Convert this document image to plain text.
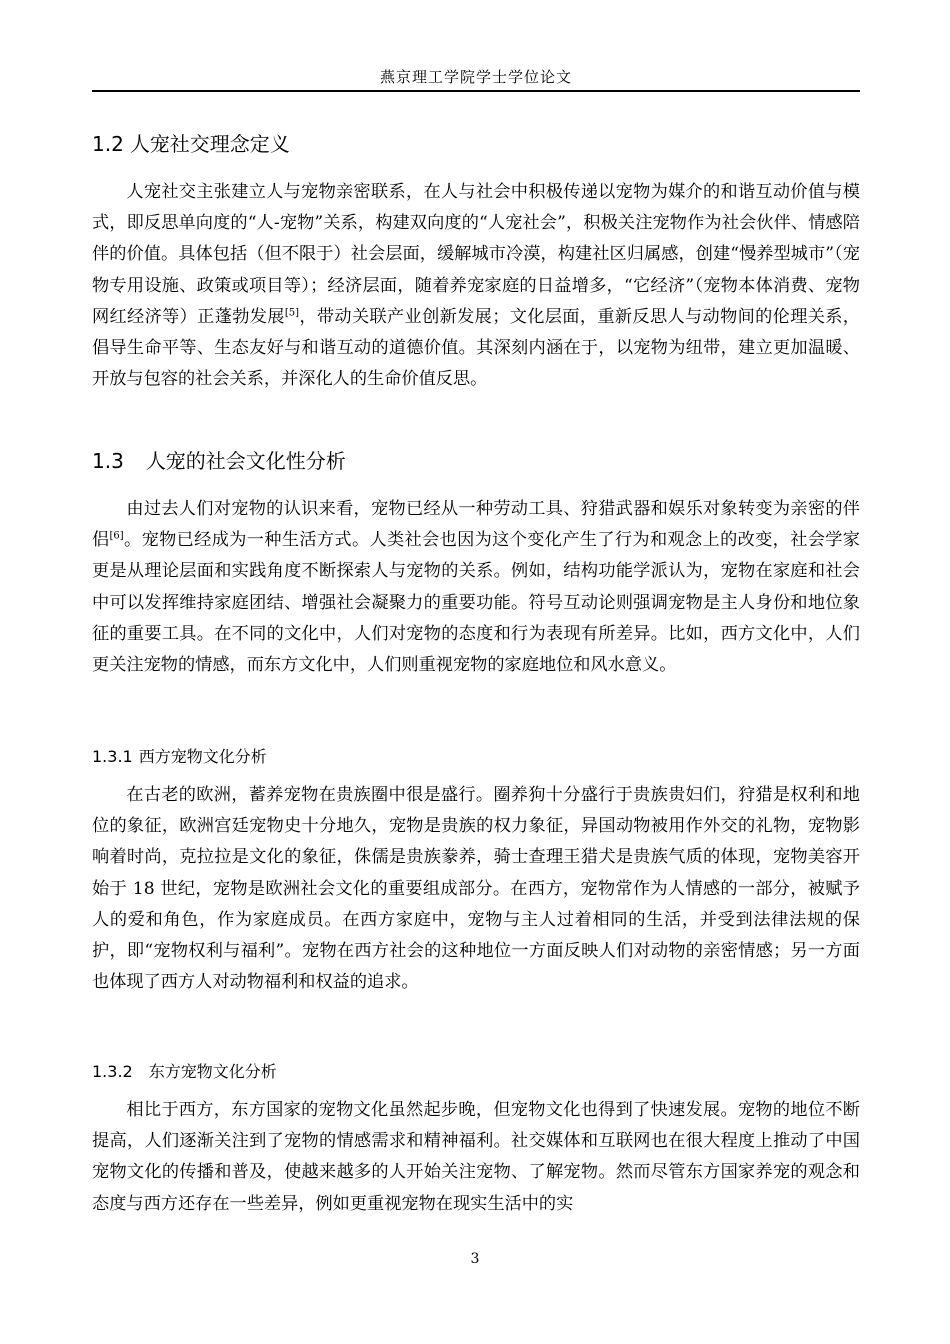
燕京理工学院学士学位论文
1.2 人宠社交理念定义

人宠社交主张建立人与宠物亲密联系，在人与社会中积极传递以宠物为媒介的和谐互动价值与模式，即反思单向度的“人-宠物”关系，构建双向度的“人宠社会”，积极关注宠物作为社会伙伴、情感陪伴的价值。具体包括（但不限于）社会层面，缓解城市冷漠，构建社区归属感，创建“慢养型城市”（宠物专用设施、政策或项目等）；经济层面，随着养宠家庭的日益增多，“它经济”（宠物本体消费、宠物网红经济等）正蓬勃发展[5]，带动关联产业创新发展；文化层面，重新反思人与动物间的伦理关系，倡导生命平等、生态友好与和谐互动的道德价值。其深刻内涵在于，以宠物为纽带，建立更加温暖、开放与包容的社会关系，并深化人的生命价值反思。

1.3 人宠的社会文化性分析

由过去人们对宠物的认识来看，宠物已经从一种劳动工具、狩猎武器和娱乐对象转变为亲密的伴侣[6]。宠物已经成为一种生活方式。人类社会也因为这个变化产生了行为和观念上的改变，社会学家更是从理论层面和实践角度不断探索人与宠物的关系。例如，结构功能学派认为，宠物在家庭和社会中可以发挥维持家庭团结、增强社会凝聚力的重要功能。符号互动论则强调宠物是主人身份和地位象征的重要工具。在不同的文化中，人们对宠物的态度和行为表现有所差异。比如，西方文化中，人们更关注宠物的情感，而东方文化中，人们则重视宠物的家庭地位和风水意义。

1.3.1 西方宠物文化分析

在古老的欧洲，蓄养宠物在贵族圈中很是盛行。圈养狗十分盛行于贵族贵妇们，狩猎是权利和地位的象征，欧洲宫廷宠物史十分地久，宠物是贵族的权力象征，异国动物被用作外交的礼物，宠物影响着时尚，克拉拉是文化的象征，侏儒是贵族豢养，骑士查理王猎犬是贵族气质的体现，宠物美容开始于 18 世纪，宠物是欧洲社会文化的重要组成部分。在西方，宠物常作为人情感的一部分，被赋予人的爱和角色，作为家庭成员。在西方家庭中，宠物与主人过着相同的生活，并受到法律法规的保护，即“宠物权利与福利”。宠物在西方社会的这种地位一方面反映人们对动物的亲密情感；另一方面也体现了西方人对动物福利和权益的追求。

1.3.2 东方宠物文化分析

相比于西方，东方国家的宠物文化虽然起步晚，但宠物文化也得到了快速发展。宠物的地位不断提高，人们逐渐关注到了宠物的情感需求和精神福利。社交媒体和互联网也在很大程度上推动了中国宠物文化的传播和普及，使越来越多的人开始关注宠物、了解宠物。然而尽管东方国家养宠的观念和态度与西方还存在一些差异，例如更重视宠物在现实生活中的实

3
